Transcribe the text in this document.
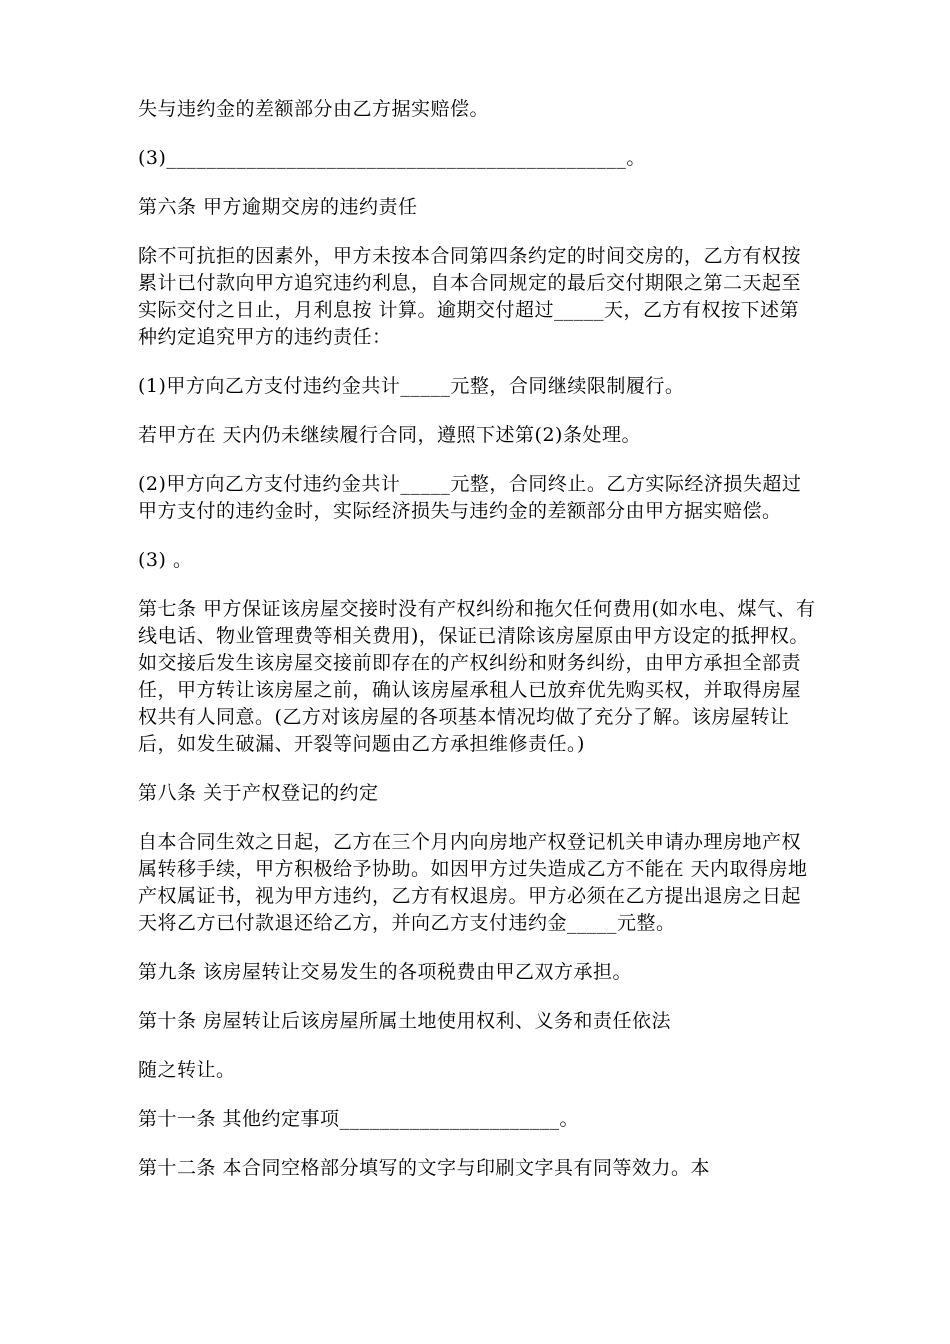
失与违约金的差额部分由乙方据实赔偿。

(3)______________________________________________。

第六条 甲方逾期交房的违约责任

除不可抗拒的因素外，甲方未按本合同第四条约定的时间交房的，乙方有权按累计已付款向甲方追究违约利息，自本合同规定的最后交付期限之第二天起至实际交付之日止，月利息按 计算。逾期交付超过_____天，乙方有权按下述第 种约定追究甲方的违约责任：

(1)甲方向乙方支付违约金共计_____元整，合同继续限制履行。

若甲方在 天内仍未继续履行合同，遵照下述第(2)条处理。

(2)甲方向乙方支付违约金共计_____元整，合同终止。乙方实际经济损失超过甲方支付的违约金时，实际经济损失与违约金的差额部分由甲方据实赔偿。

(3) 。

第七条 甲方保证该房屋交接时没有产权纠纷和拖欠任何费用(如水电、煤气、有线电话、物业管理费等相关费用)，保证已清除该房屋原由甲方设定的抵押权。如交接后发生该房屋交接前即存在的产权纠纷和财务纠纷，由甲方承担全部责任，甲方转让该房屋之前，确认该房屋承租人已放弃优先购买权，并取得房屋权共有人同意。(乙方对该房屋的各项基本情况均做了充分了解。该房屋转让后，如发生破漏、开裂等问题由乙方承担维修责任。)

第八条 关于产权登记的约定

自本合同生效之日起，乙方在三个月内向房地产权登记机关申请办理房地产权属转移手续，甲方积极给予协助。如因甲方过失造成乙方不能在 天内取得房地产权属证书，视为甲方违约，乙方有权退房。甲方必须在乙方提出退房之日起 天将乙方已付款退还给乙方，并向乙方支付违约金_____元整。

第九条 该房屋转让交易发生的各项税费由甲乙双方承担。

第十条 房屋转让后该房屋所属土地使用权利、义务和责任依法

随之转让。

第十一条 其他约定事项______________________。

第十二条 本合同空格部分填写的文字与印刷文字具有同等效力。本
